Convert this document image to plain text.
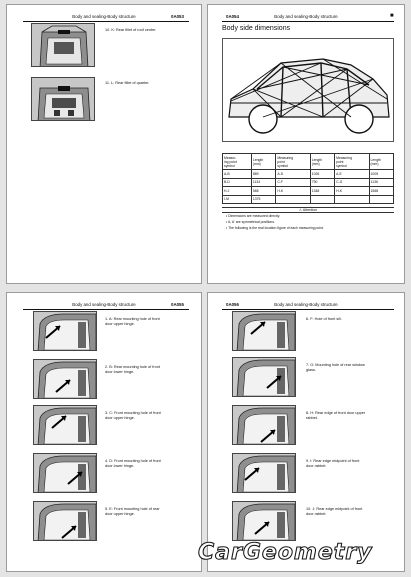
Body and sealing-Body structure	0A053
10. K: Rear fillet of roof center.
11. L: Rear fillet of quarter.
0A054	Body and sealing-Body structure	■
Body side dimensions
Measur-
ing point
symbol	Length
(mm)	Measuring
point
symbol	Length
(mm)	Measuring
point
symbol	Length
(mm)
A-B	889	A-D	1026	A-E	1005
B-D	1134	C-F	790	C-G	1136
H-J	568	H-K	1348	H-K	1568
I-M	1375				
⚠ Attention
• Dimensions are measured directly.
• A, A' are symmetrical positions.
• The following is the real location figure of each measuring point.
Body and sealing-Body structure	0A055
1. A: Rear mounting hole of front door upper hinge.
2. B: Rear mounting hole of front door lower hinge.
3. C: Front mounting hole of front door upper hinge.
4. D: Front mounting hole of front door lower hinge.
5. E: Front mounting hole of rear door upper hinge.
0A056	Body and sealing-Body structure
6. F: Hole of front sill.
7. G: Mounting hole of rear window glass.
8. H: Rear edge of front door upper rabbet.
9. I: Rear edge midpoint of front door rabbet.
10. J: Rear edge midpoint of front door rabbet.
CarGeometry
